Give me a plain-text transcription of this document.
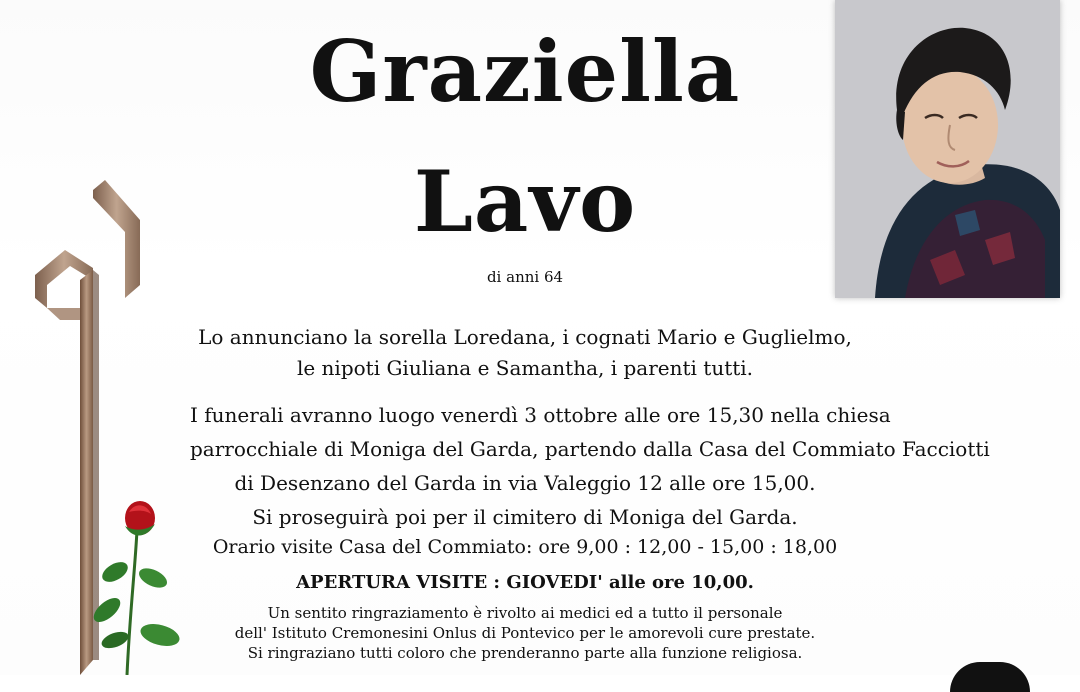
Graziella
Lavo
di anni 64
Lo annunciano la sorella Loredana, i cognati Mario e Guglielmo,
le nipoti Giuliana e Samantha, i parenti tutti.
I funerali avranno luogo venerdì 3 ottobre alle ore 15,30 nella chiesa
parrocchiale di Moniga del Garda, partendo dalla Casa del Commiato Facciotti
di Desenzano del Garda in via Valeggio 12 alle ore 15,00.
Si proseguirà poi per il cimitero di Moniga del Garda.
Orario visite Casa del Commiato: ore 9,00 : 12,00 - 15,00 : 18,00
APERTURA VISITE : GIOVEDI' alle ore 10,00.
Un sentito ringraziamento è rivolto ai medici ed a tutto il personale
dell' Istituto Cremonesini Onlus di Pontevico per le amorevoli cure prestate.
Si ringraziano tutti coloro che prenderanno parte alla funzione religiosa.
